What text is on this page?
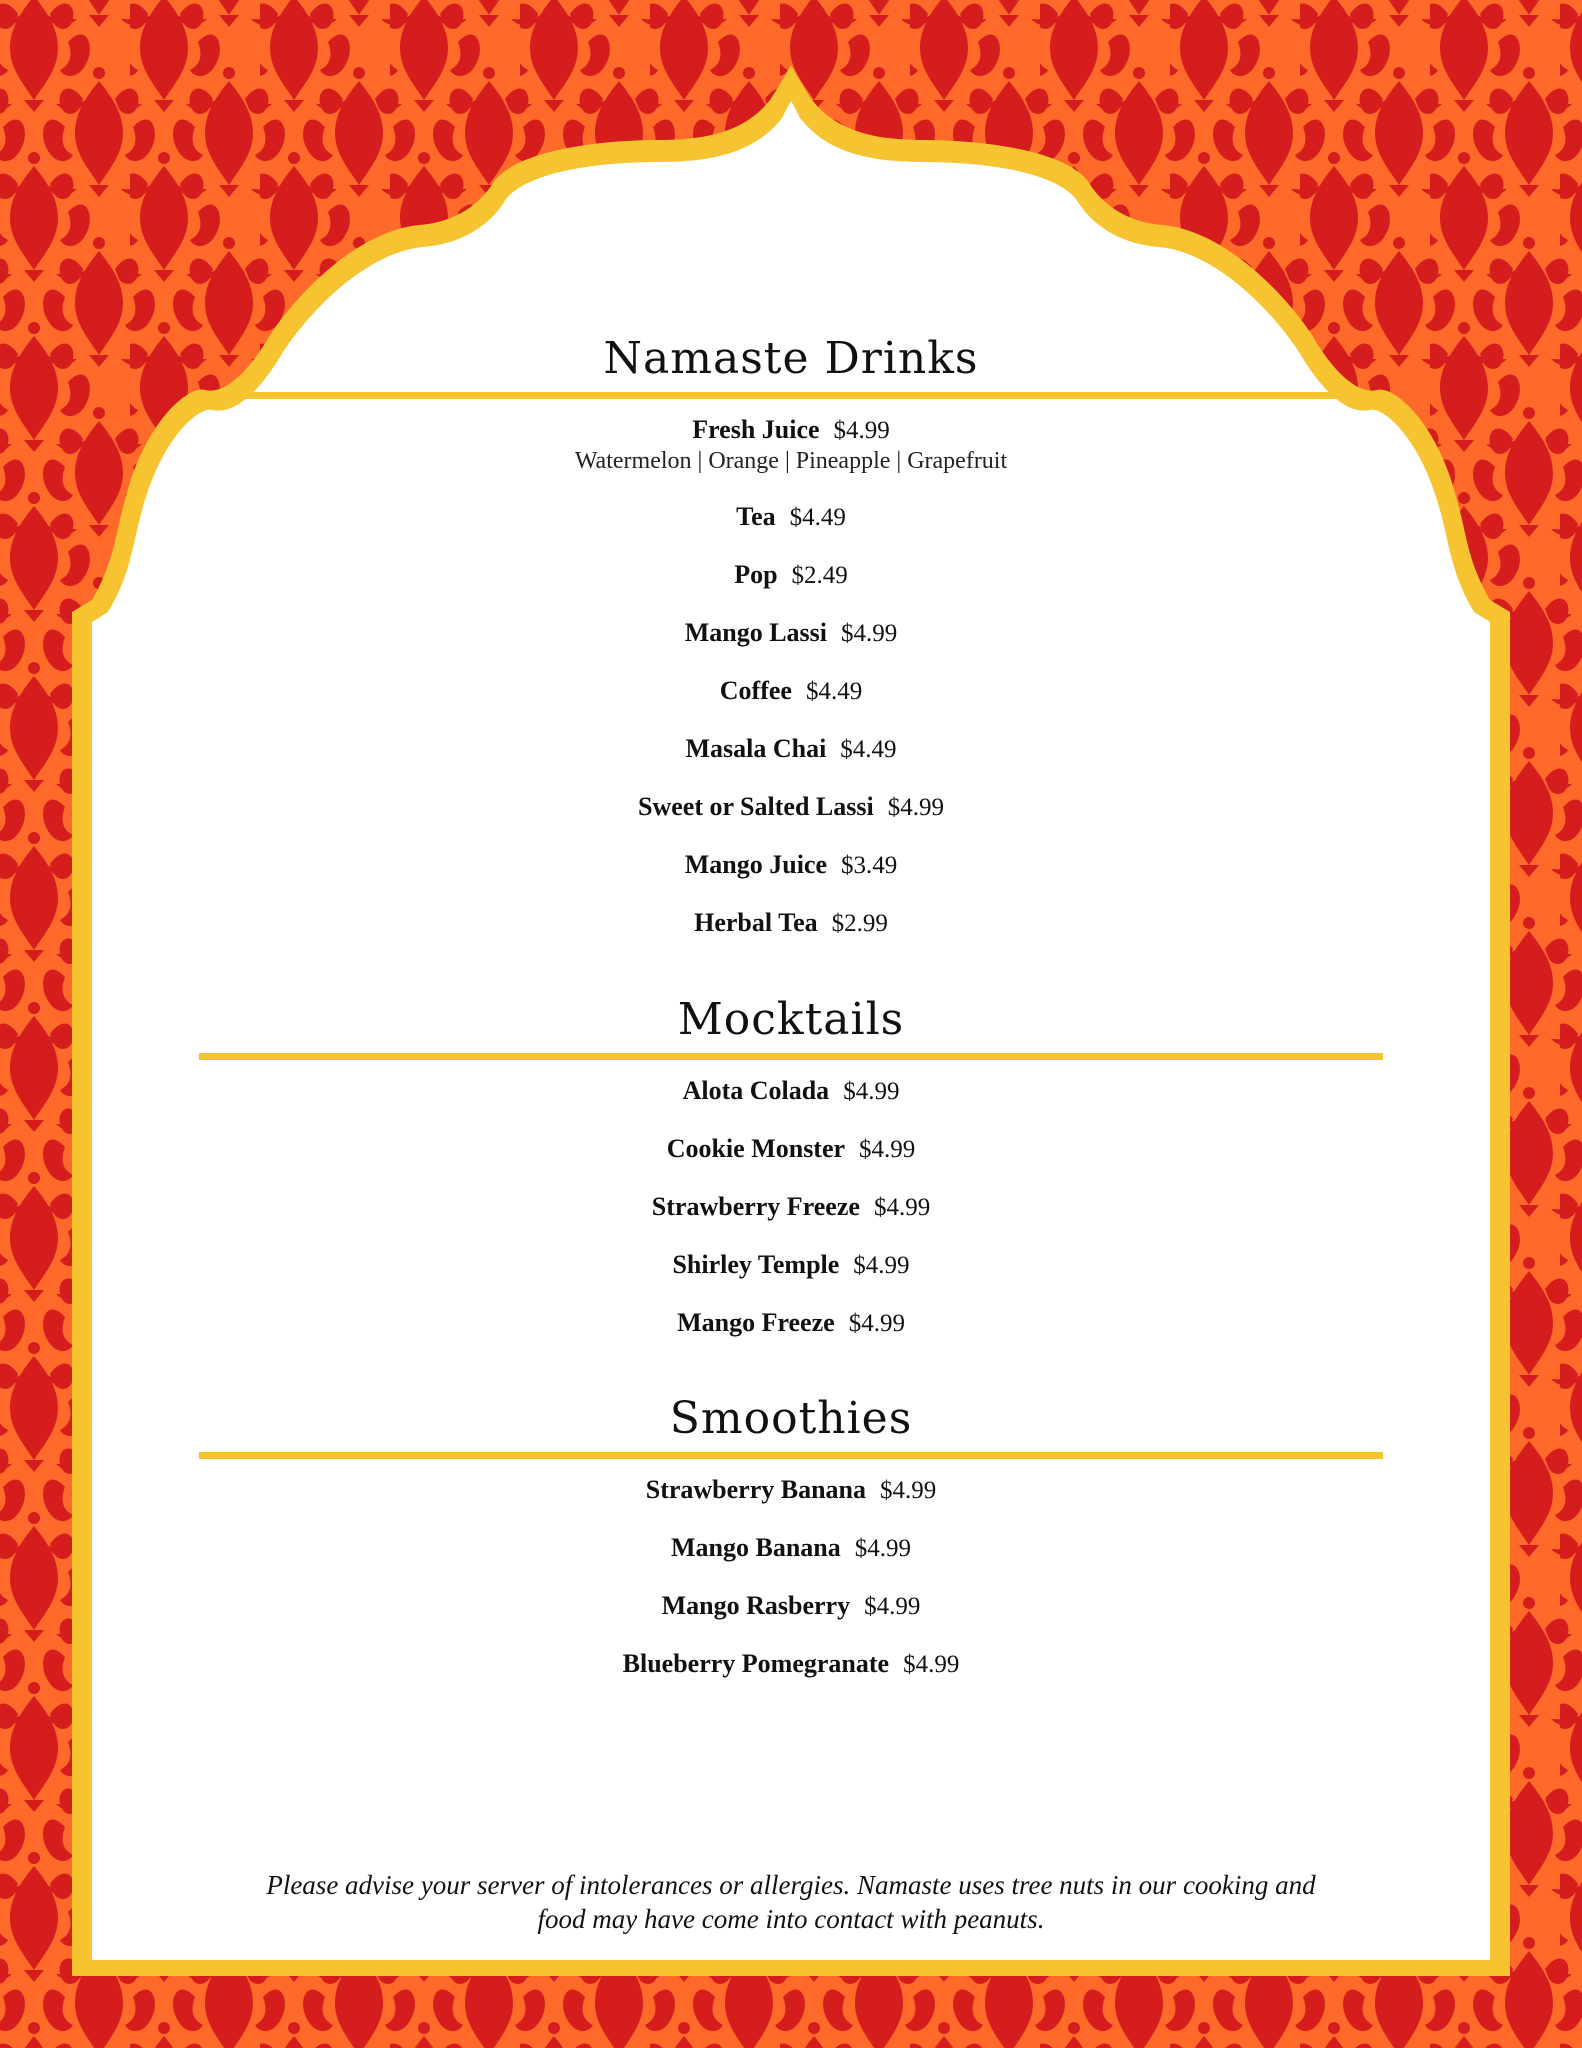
Namaste Drinks
Fresh Juice $4.99
Watermelon | Orange | Pineapple | Grapefruit
Tea $4.49
Pop $2.49
Mango Lassi $4.99
Coffee $4.49
Masala Chai $4.49
Sweet or Salted Lassi $4.99
Mango Juice $3.49
Herbal Tea $2.99
Mocktails
Alota Colada $4.99
Cookie Monster $4.99
Strawberry Freeze $4.99
Shirley Temple $4.99
Mango Freeze $4.99
Smoothies
Strawberry Banana $4.99
Mango Banana $4.99
Mango Rasberry $4.99
Blueberry Pomegranate $4.99
Please advise your server of intolerances or allergies. Namaste uses tree nuts in our cooking and
food may have come into contact with peanuts.
